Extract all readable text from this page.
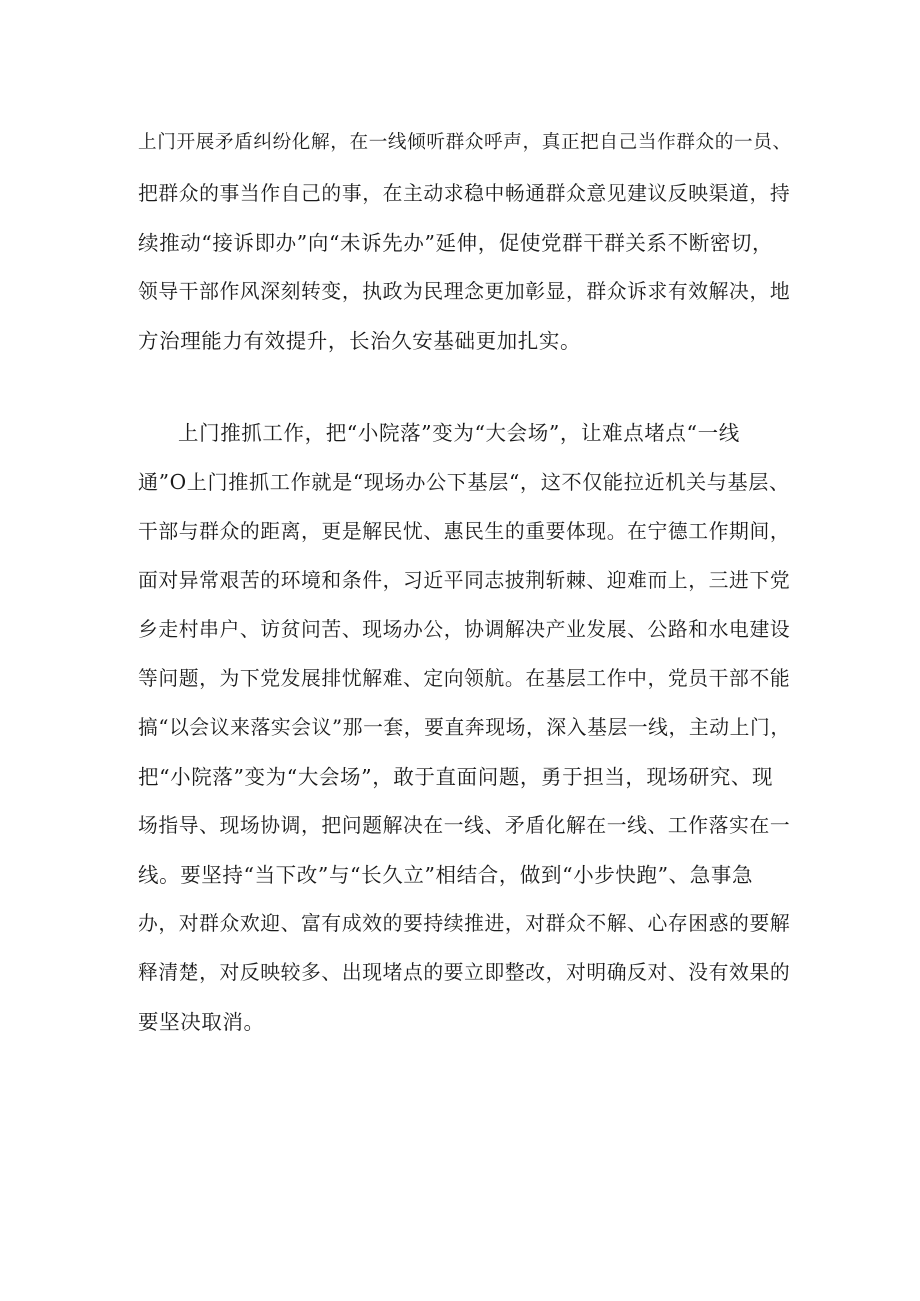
上门开展矛盾纠纷化解，在一线倾听群众呼声，真正把自己当作群众的一员、
把群众的事当作自己的事，在主动求稳中畅通群众意见建议反映渠道，持
续推动“接诉即办”向“未诉先办”延伸，促使党群干群关系不断密切，
领导干部作风深刻转变，执政为民理念更加彰显，群众诉求有效解决，地
方治理能力有效提升，长治久安基础更加扎实。
上门推抓工作，把“小院落”变为“大会场”，让难点堵点“一线
通”O上门推抓工作就是“现场办公下基层“，这不仅能拉近机关与基层、
干部与群众的距离，更是解民忧、惠民生的重要体现。在宁德工作期间，
面对异常艰苦的环境和条件，习近平同志披荆斩棘、迎难而上，三进下党
乡走村串户、访贫问苦、现场办公，协调解决产业发展、公路和水电建设
等问题，为下党发展排忧解难、定向领航。在基层工作中，党员干部不能
搞“以会议来落实会议”那一套，要直奔现场，深入基层一线，主动上门，
把“小院落”变为“大会场”，敢于直面问题，勇于担当，现场研究、现
场指导、现场协调，把问题解决在一线、矛盾化解在一线、工作落实在一
线。要坚持“当下改”与“长久立”相结合，做到“小步快跑”、急事急
办，对群众欢迎、富有成效的要持续推进，对群众不解、心存困惑的要解
释清楚，对反映较多、出现堵点的要立即整改，对明确反对、没有效果的
要坚决取消。
